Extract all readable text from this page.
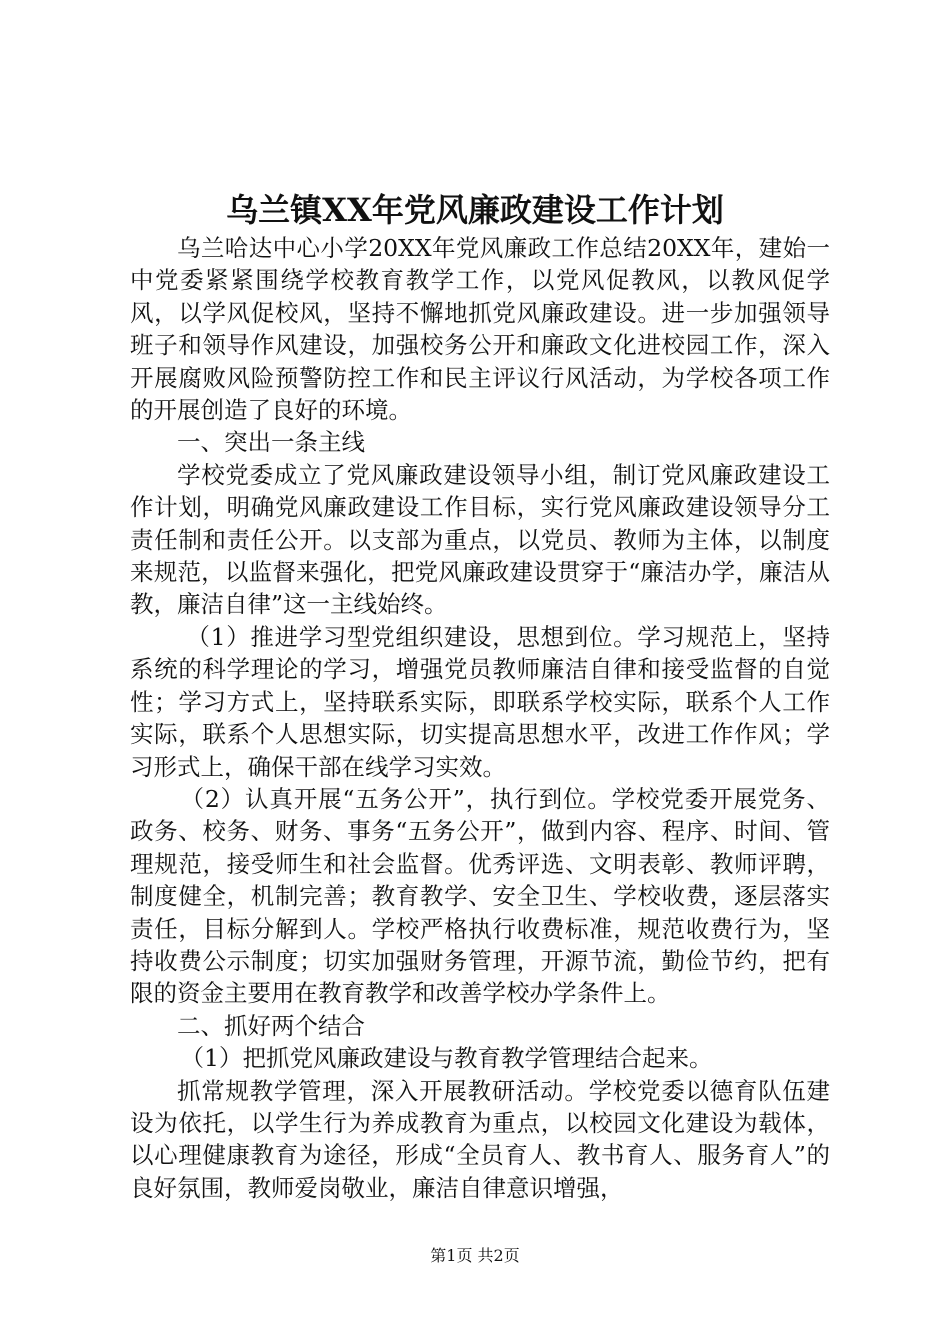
乌兰镇XX年党风廉政建设工作计划

乌兰哈达中心小学20XX年党风廉政工作总结20XX年，建始一中党委紧紧围绕学校教育教学工作，以党风促教风，以教风促学风，以学风促校风，坚持不懈地抓党风廉政建设。进一步加强领导班子和领导作风建设，加强校务公开和廉政文化进校园工作，深入开展腐败风险预警防控工作和民主评议行风活动，为学校各项工作的开展创造了良好的环境。

一、突出一条主线

学校党委成立了党风廉政建设领导小组，制订党风廉政建设工作计划，明确党风廉政建设工作目标，实行党风廉政建设领导分工责任制和责任公开。以支部为重点，以党员、教师为主体，以制度来规范，以监督来强化，把党风廉政建设贯穿于“廉洁办学，廉洁从教，廉洁自律”这一主线始终。

（1）推进学习型党组织建设，思想到位。学习规范上，坚持系统的科学理论的学习，增强党员教师廉洁自律和接受监督的自觉性；学习方式上，坚持联系实际，即联系学校实际，联系个人工作实际，联系个人思想实际，切实提高思想水平，改进工作作风；学习形式上，确保干部在线学习实效。

（2）认真开展“五务公开”，执行到位。学校党委开展党务、政务、校务、财务、事务“五务公开”，做到内容、程序、时间、管理规范，接受师生和社会监督。优秀评选、文明表彰、教师评聘，制度健全，机制完善；教育教学、安全卫生、学校收费，逐层落实责任，目标分解到人。学校严格执行收费标准，规范收费行为，坚持收费公示制度；切实加强财务管理，开源节流，勤俭节约，把有限的资金主要用在教育教学和改善学校办学条件上。

二、抓好两个结合

（1）把抓党风廉政建设与教育教学管理结合起来。

抓常规教学管理，深入开展教研活动。学校党委以德育队伍建设为依托，以学生行为养成教育为重点，以校园文化建设为载体，以心理健康教育为途径，形成“全员育人、教书育人、服务育人”的良好氛围，教师爱岗敬业，廉洁自律意识增强，

第1页 共2页
